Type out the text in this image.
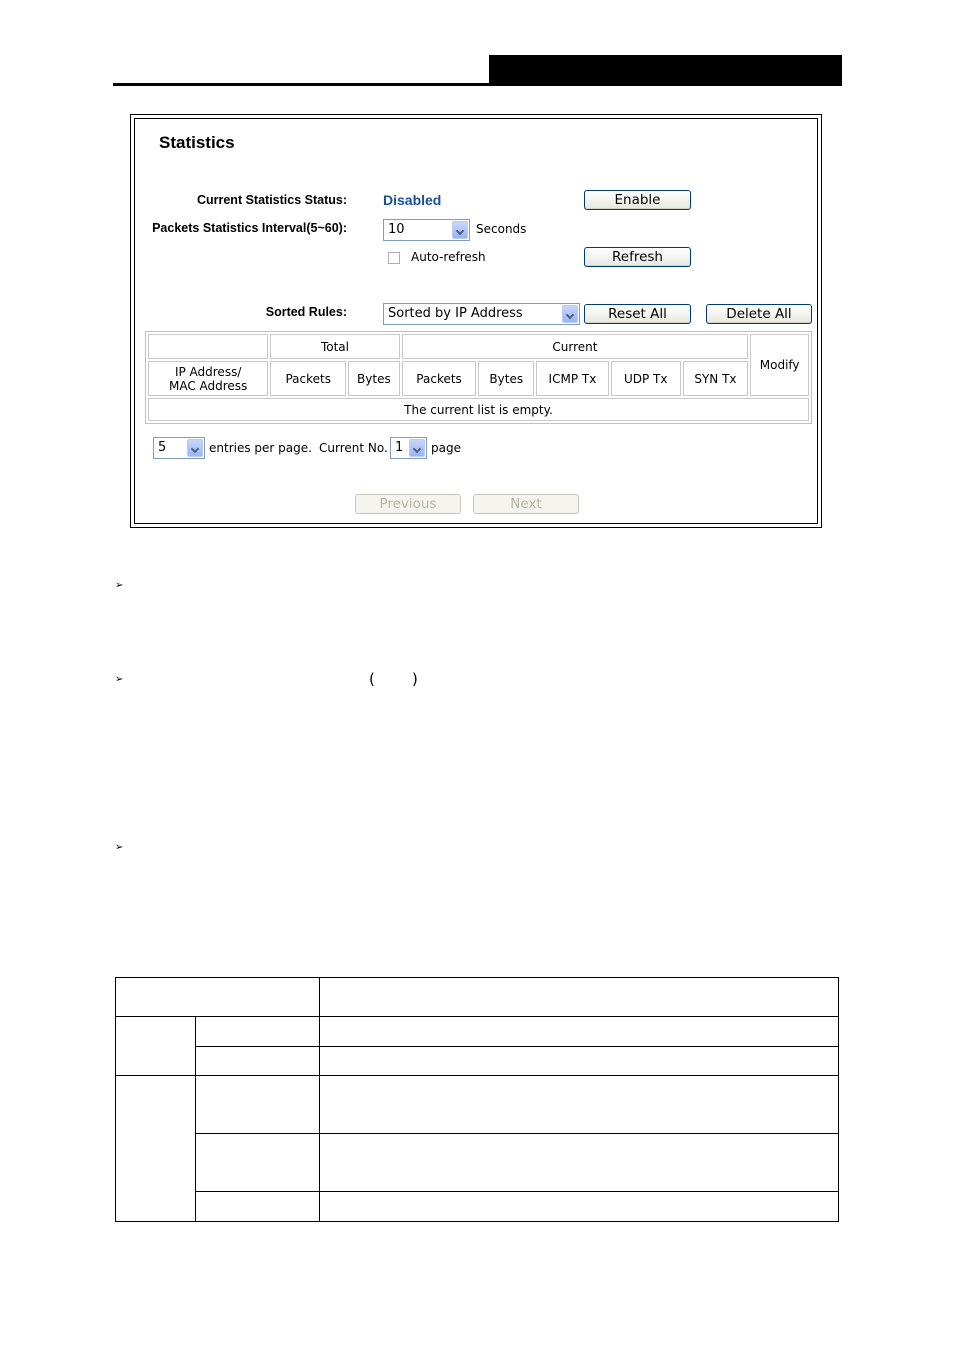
Statistics
Current Statistics Status:	Disabled	Enable
Packets Statistics Interval(5~60):	10	Seconds
Auto-refresh	Refresh
Sorted Rules:	Sorted by IP Address	Reset All	Delete All
	Total		Current					Modify

IP Address/
MAC Address	Packets	Bytes	Packets	Bytes	ICMP Tx	UDP Tx	SYN Tx	
The current list is empty.								
5	entries per page. Current No. 1	page
Previous	Next
➢
➢	( )
➢
